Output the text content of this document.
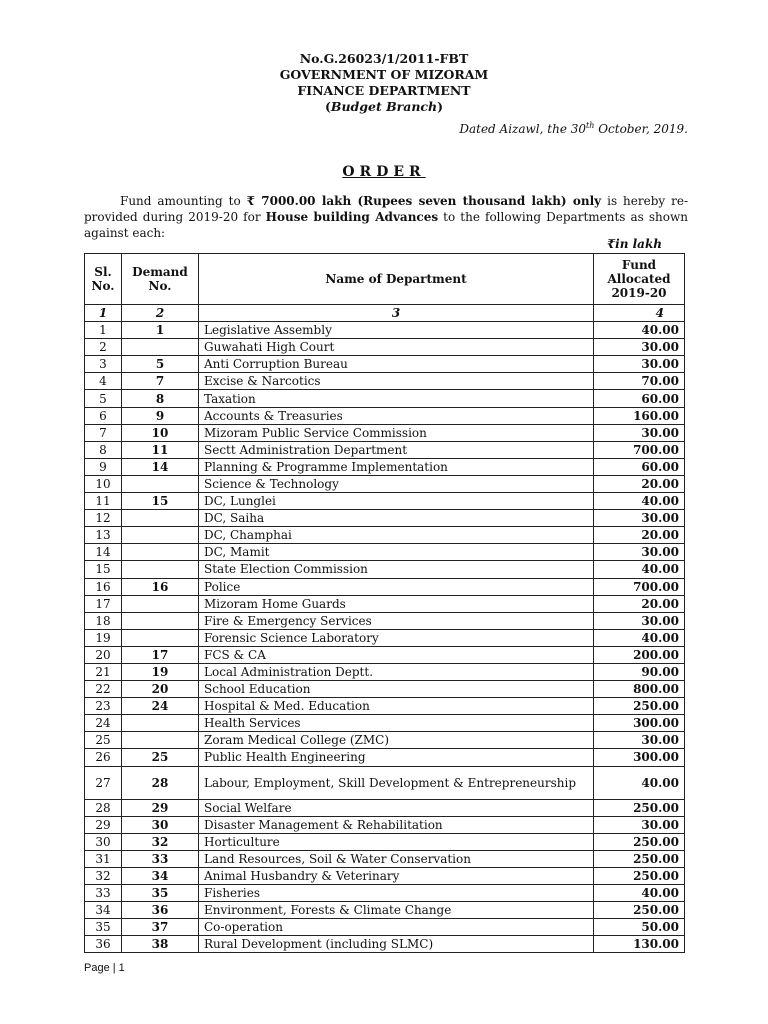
No.G.26023/1/2011-FBT
GOVERNMENT OF MIZORAM
FINANCE DEPARTMENT
(Budget Branch)
Dated Aizawl, the 30th October, 2019.
ORDER
Fund amounting to ₹ 7000.00 lakh (Rupees seven thousand lakh) only is hereby re-provided during 2019-20 for House building Advances to the following Departments as shown against each:
₹in lakh
Sl. No.	Demand No.	Name of Department	Fund Allocated 2019-20
1	2	3	4
1	1	Legislative Assembly	40.00
2		Guwahati High Court	30.00
3	5	Anti Corruption Bureau	30.00
4	7	Excise & Narcotics	70.00
5	8	Taxation	60.00
6	9	Accounts & Treasuries	160.00
7	10	Mizoram Public Service Commission	30.00
8	11	Sectt Administration Department	700.00
9	14	Planning & Programme Implementation	60.00
10		Science & Technology	20.00
11	15	DC, Lunglei	40.00
12		DC, Saiha	30.00
13		DC, Champhai	20.00
14		DC, Mamit	30.00
15		State Election Commission	40.00
16	16	Police	700.00
17		Mizoram Home Guards	20.00
18		Fire & Emergency Services	30.00
19		Forensic Science Laboratory	40.00
20	17	FCS & CA	200.00
21	19	Local Administration Deptt.	90.00
22	20	School Education	800.00
23	24	Hospital & Med. Education	250.00
24		Health Services	300.00
25		Zoram Medical College (ZMC)	30.00
26	25	Public Health Engineering	300.00
27	28	Labour, Employment, Skill Development & Entrepreneurship	40.00
28	29	Social Welfare	250.00
29	30	Disaster Management & Rehabilitation	30.00
30	32	Horticulture	250.00
31	33	Land Resources, Soil & Water Conservation	250.00
32	34	Animal Husbandry & Veterinary	250.00
33	35	Fisheries	40.00
34	36	Environment, Forests & Climate Change	250.00
35	37	Co-operation	50.00
36	38	Rural Development (including SLMC)	130.00
Page | 1
